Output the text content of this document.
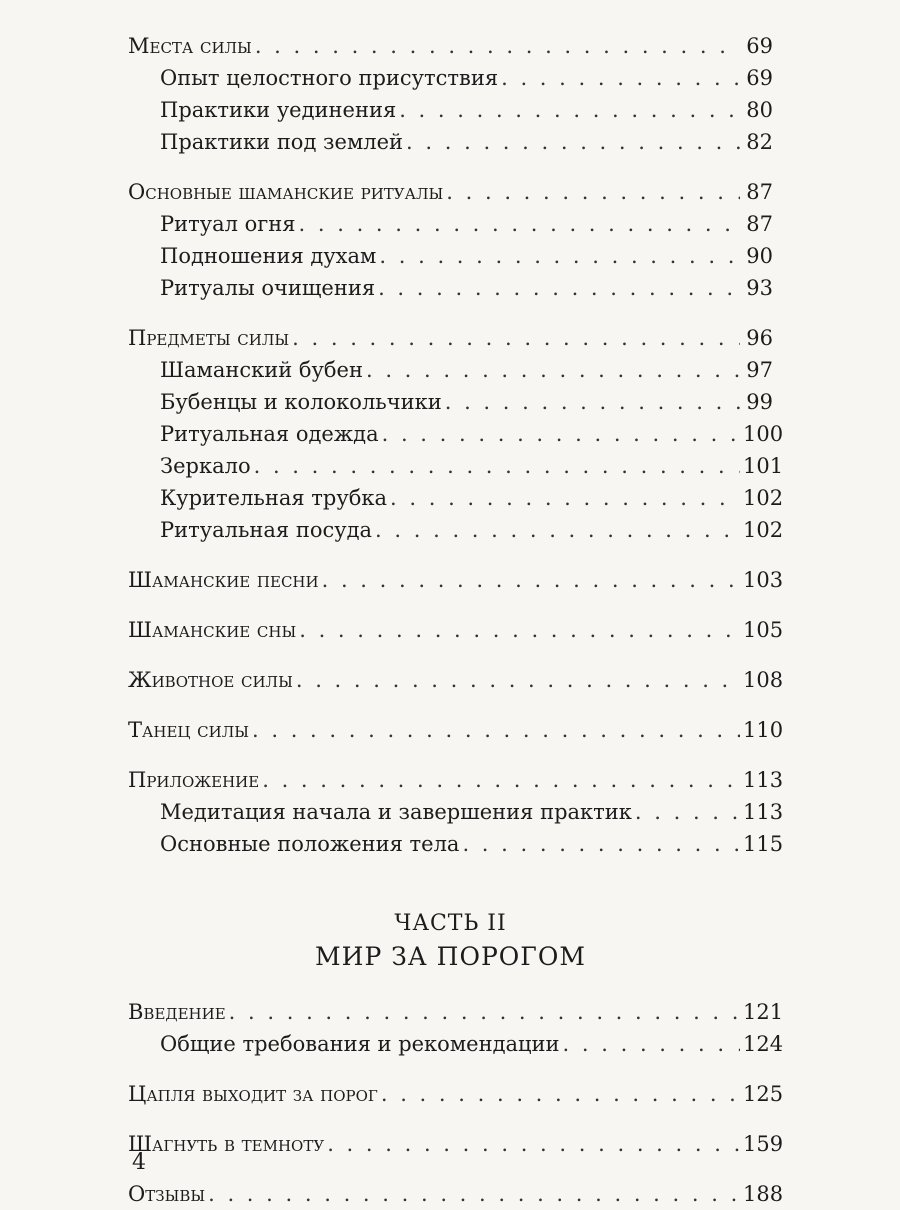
Места силы . . .	69
Опыт целостного присутствия . . .	69
Практики уединения . . .	80
Практики под землей . . .	82
Основные шаманские ритуалы . . .	87
Ритуал огня . . .	87
Подношения духам . . .	90
Ритуалы очищения . . .	93
Предметы силы . . .	96
Шаманский бубен . . .	97
Бубенцы и колокольчики . . .	99
Ритуальная одежда . . .	100
Зеркало . . .	101
Курительная трубка . . .	102
Ритуальная посуда . . .	102
Шаманские песни . . .	103
Шаманские сны . . .	105
Животное силы . . .	108
Танец силы . . .	110
Приложение . . .	113
Медитация начала и завершения практик . . .	113
Основные положения тела . . .	115
ЧАСТЬ II
МИР ЗА ПОРОГОМ
Введение . . .	121
Общие требования и рекомендации . . .	124
Цапля выходит за порог . . .	125
Шагнуть в темноту . . .	159
Отзывы . . .	188
4
